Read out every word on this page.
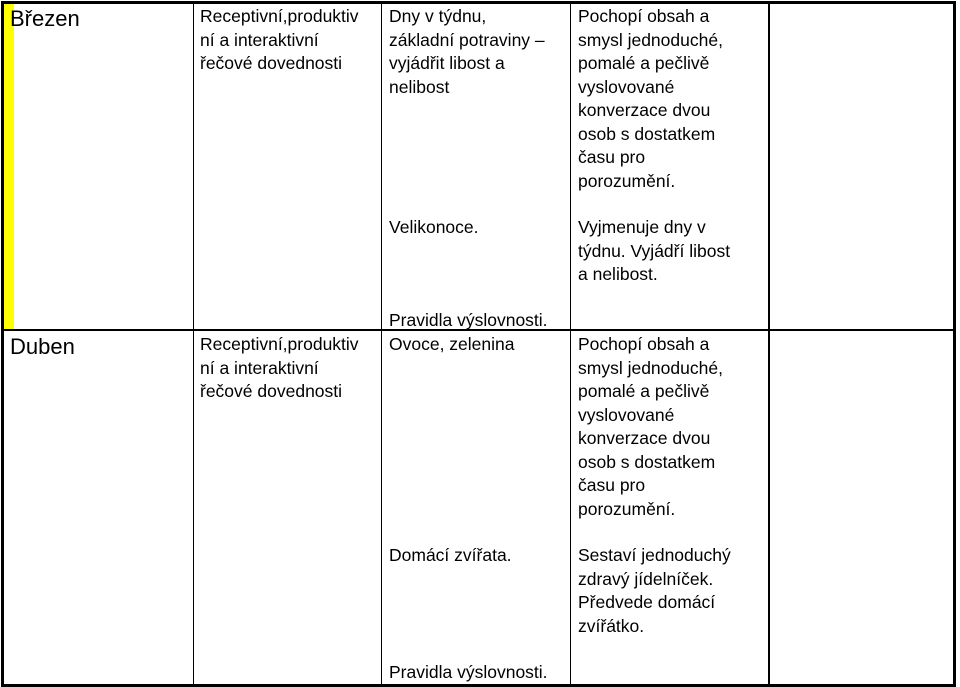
Březen	Receptivní,produktiv
ní a interaktivní
řečové dovednosti
Dny v týdnu,
základní potraviny –
vyjádřit libost a
nelibost
Velikonoce.
Pravidla výslovnosti.
Pochopí obsah a
smysl jednoduché,
pomalé a pečlivě
vyslovované
konverzace dvou
osob s dostatkem
času pro
porozumění.
Vyjmenuje dny v
týdnu. Vyjádří libost
a nelibost.
Duben	Receptivní,produktiv
ní a interaktivní
řečové dovednosti
Ovoce, zelenina
Domácí zvířata.
Pravidla výslovnosti.
Pochopí obsah a
smysl jednoduché,
pomalé a pečlivě
vyslovované
konverzace dvou
osob s dostatkem
času pro
porozumění.
Sestaví jednoduchý
zdravý jídelníček.
Předvede domácí
zvířátko.
